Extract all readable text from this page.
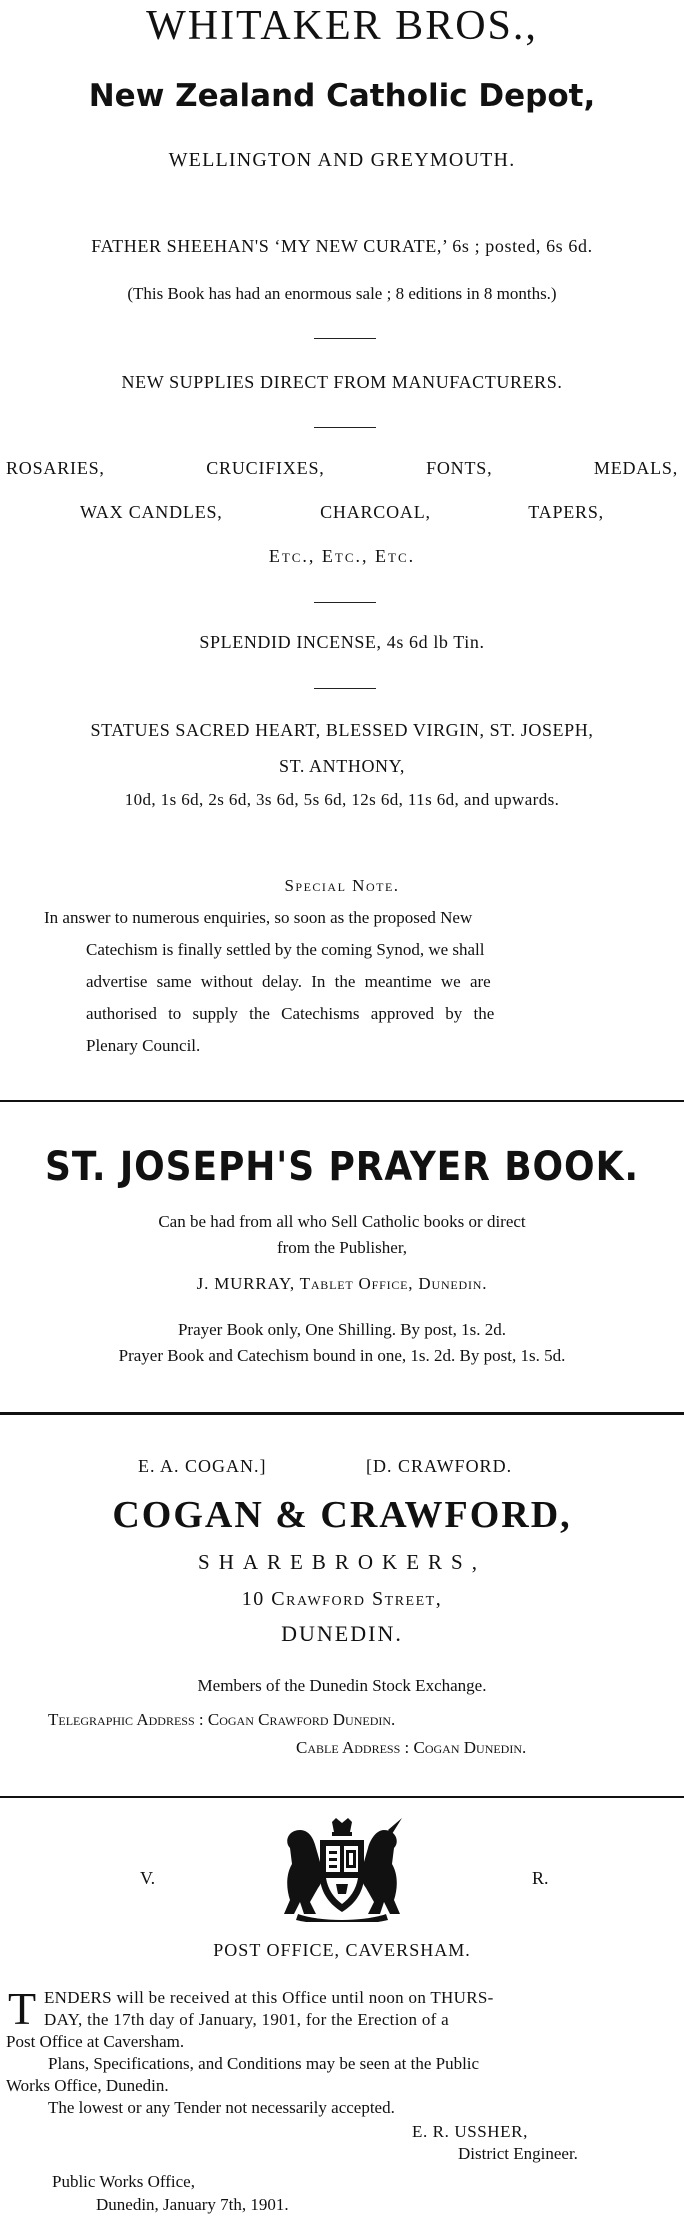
WHITAKER BROS.,
New Zealand Catholic Depot,
WELLINGTON AND GREYMOUTH.
FATHER SHEEHAN'S ‘MY NEW CURATE,’ 6s ; posted, 6s 6d.
(This Book has had an enormous sale ; 8 editions in 8 months.)
NEW SUPPLIES DIRECT FROM MANUFACTURERS.
ROSARIES,	CRUCIFIXES,	FONTS,	MEDALS,
WAX CANDLES,	CHARCOAL,	TAPERS,
Etc., Etc., Etc.
SPLENDID INCENSE, 4s 6d lb Tin.
STATUES SACRED HEART, BLESSED VIRGIN, ST. JOSEPH,
ST. ANTHONY,
10d, 1s 6d, 2s 6d, 3s 6d, 5s 6d, 12s 6d, 11s 6d, and upwards.
Special Note.
In answer to numerous enquiries, so soon as the proposed New
Catechism is finally settled by the coming Synod, we shall
advertise same without delay. In the meantime we are
authorised to supply the Catechisms approved by the
Plenary Council.
ST. JOSEPH'S PRAYER BOOK.
Can be had from all who Sell Catholic books or direct
from the Publisher,
J. MURRAY, Tablet Office, Dunedin.
Prayer Book only, One Shilling. By post, 1s. 2d.
Prayer Book and Catechism bound in one, 1s. 2d. By post, 1s. 5d.
E. A. COGAN.]	[D. CRAWFORD.
COGAN & CRAWFORD,
SHAREBROKERS,
10 Crawford Street,
DUNEDIN.
Members of the Dunedin Stock Exchange.
Telegraphic Address : Cogan Crawford Dunedin.
Cable Address : Cogan Dunedin.
V.	R.
POST OFFICE, CAVERSHAM.
T ENDERS will be received at this Office until noon on THURS-
DAY, the 17th day of January, 1901, for the Erection of a
Post Office at Caversham.
Plans, Specifications, and Conditions may be seen at the Public
Works Office, Dunedin.
The lowest or any Tender not necessarily accepted.
E. R. USSHER,
District Engineer.
Public Works Office,
Dunedin, January 7th, 1901.
